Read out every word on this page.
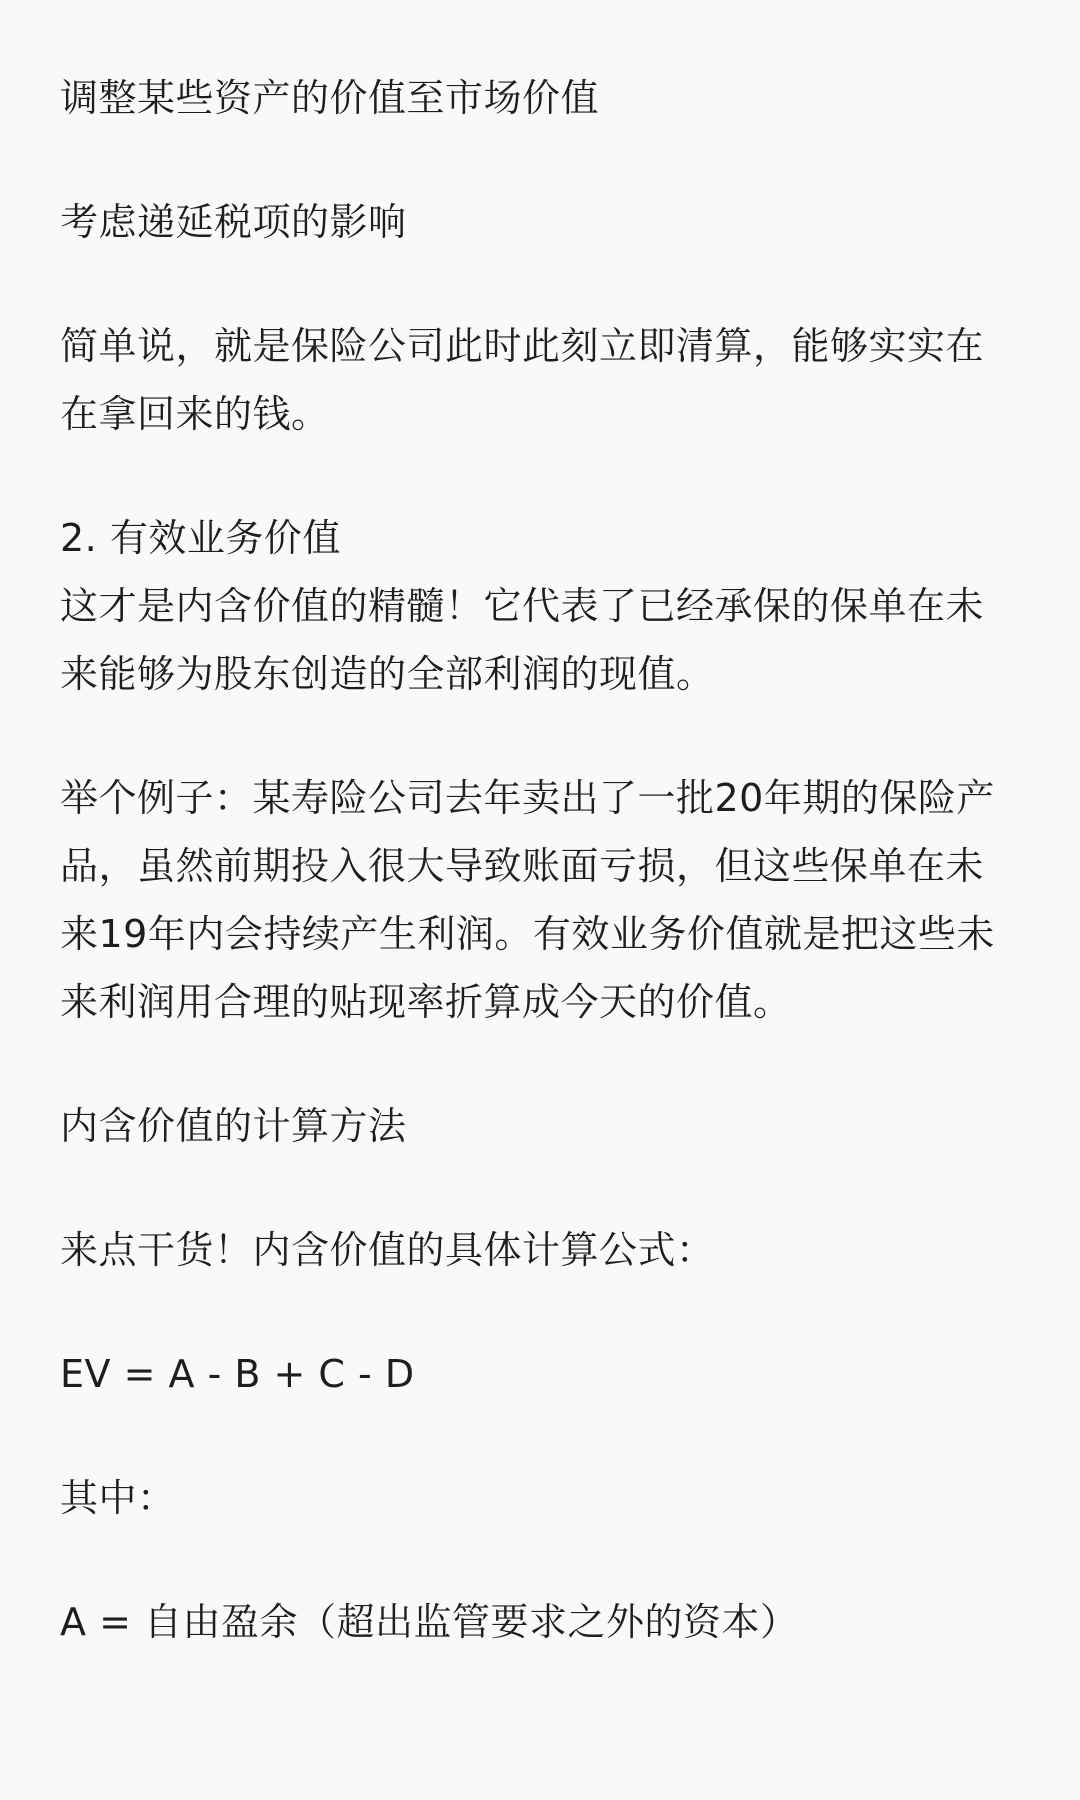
调整某些资产的价值至市场价值

考虑递延税项的影响

简单说，就是保险公司此时此刻立即清算，能够实实在在拿回来的钱。

2. 有效业务价值

这才是内含价值的精髓！它代表了已经承保的保单在未来能够为股东创造的全部利润的现值。

举个例子：某寿险公司去年卖出了一批20年期的保险产品，虽然前期投入很大导致账面亏损，但这些保单在未来19年内会持续产生利润。有效业务价值就是把这些未来利润用合理的贴现率折算成今天的价值。

内含价值的计算方法

来点干货！内含价值的具体计算公式：

EV = A - B + C - D

其中：

A = 自由盈余（超出监管要求之外的资本）
